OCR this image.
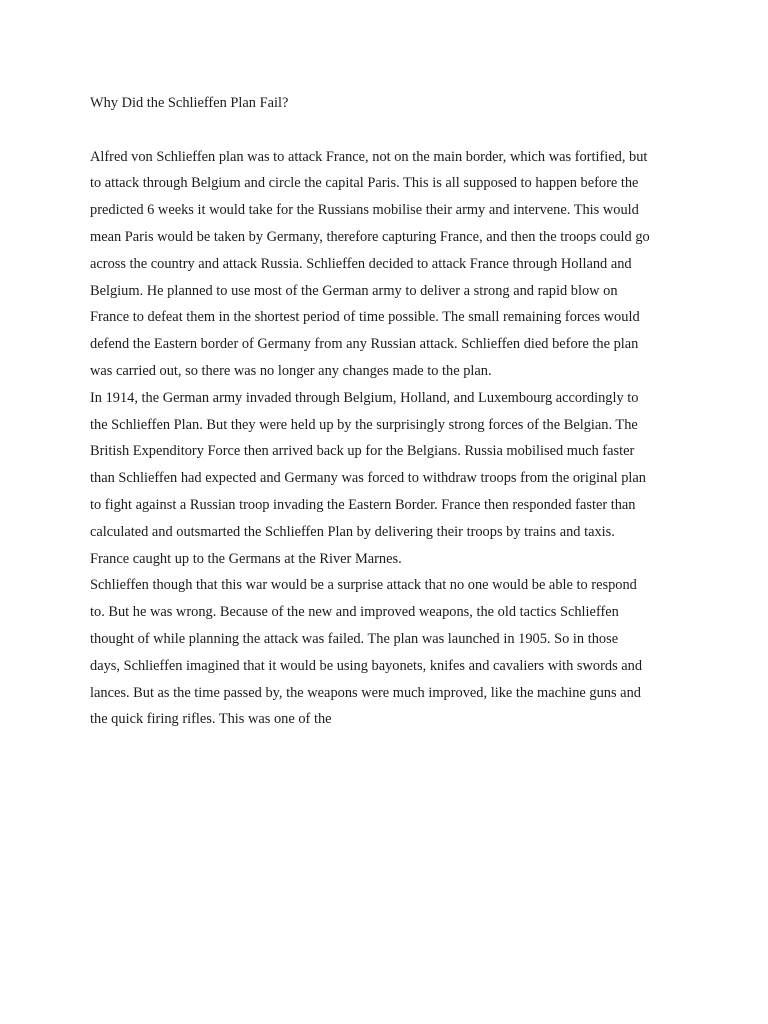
Why Did the Schlieffen Plan Fail?
Alfred von Schlieffen plan was to attack France, not on the main border, which was fortified, but
to attack through Belgium and circle the capital Paris. This is all supposed to happen before the
predicted 6 weeks it would take for the Russians mobilise their army and intervene. This would
mean Paris would be taken by Germany, therefore capturing France, and then the troops could go
across the country and attack Russia. Schlieffen decided to attack France through Holland and
Belgium. He planned to use most of the German army to deliver a strong and rapid blow on
France to defeat them in the shortest period of time possible. The small remaining forces would
defend the Eastern border of Germany from any Russian attack. Schlieffen died before the plan
was carried out, so there was no longer any changes made to the plan.
In 1914, the German army invaded through Belgium, Holland, and Luxembourg accordingly to
the Schlieffen Plan. But they were held up by the surprisingly strong forces of the Belgian. The
British Expenditory Force then arrived back up for the Belgians. Russia mobilised much faster
than Schlieffen had expected and Germany was forced to withdraw troops from the original plan
to fight against a Russian troop invading the Eastern Border. France then responded faster than
calculated and outsmarted the Schlieffen Plan by delivering their troops by trains and taxis.
France caught up to the Germans at the River Marnes.
Schlieffen though that this war would be a surprise attack that no one would be able to respond
to. But he was wrong. Because of the new and improved weapons, the old tactics Schlieffen
thought of while planning the attack was failed. The plan was launched in 1905. So in those
days, Schlieffen imagined that it would be using bayonets, knifes and cavaliers with swords and
lances. But as the time passed by, the weapons were much improved, like the machine guns and
the quick firing rifles. This was one of the
